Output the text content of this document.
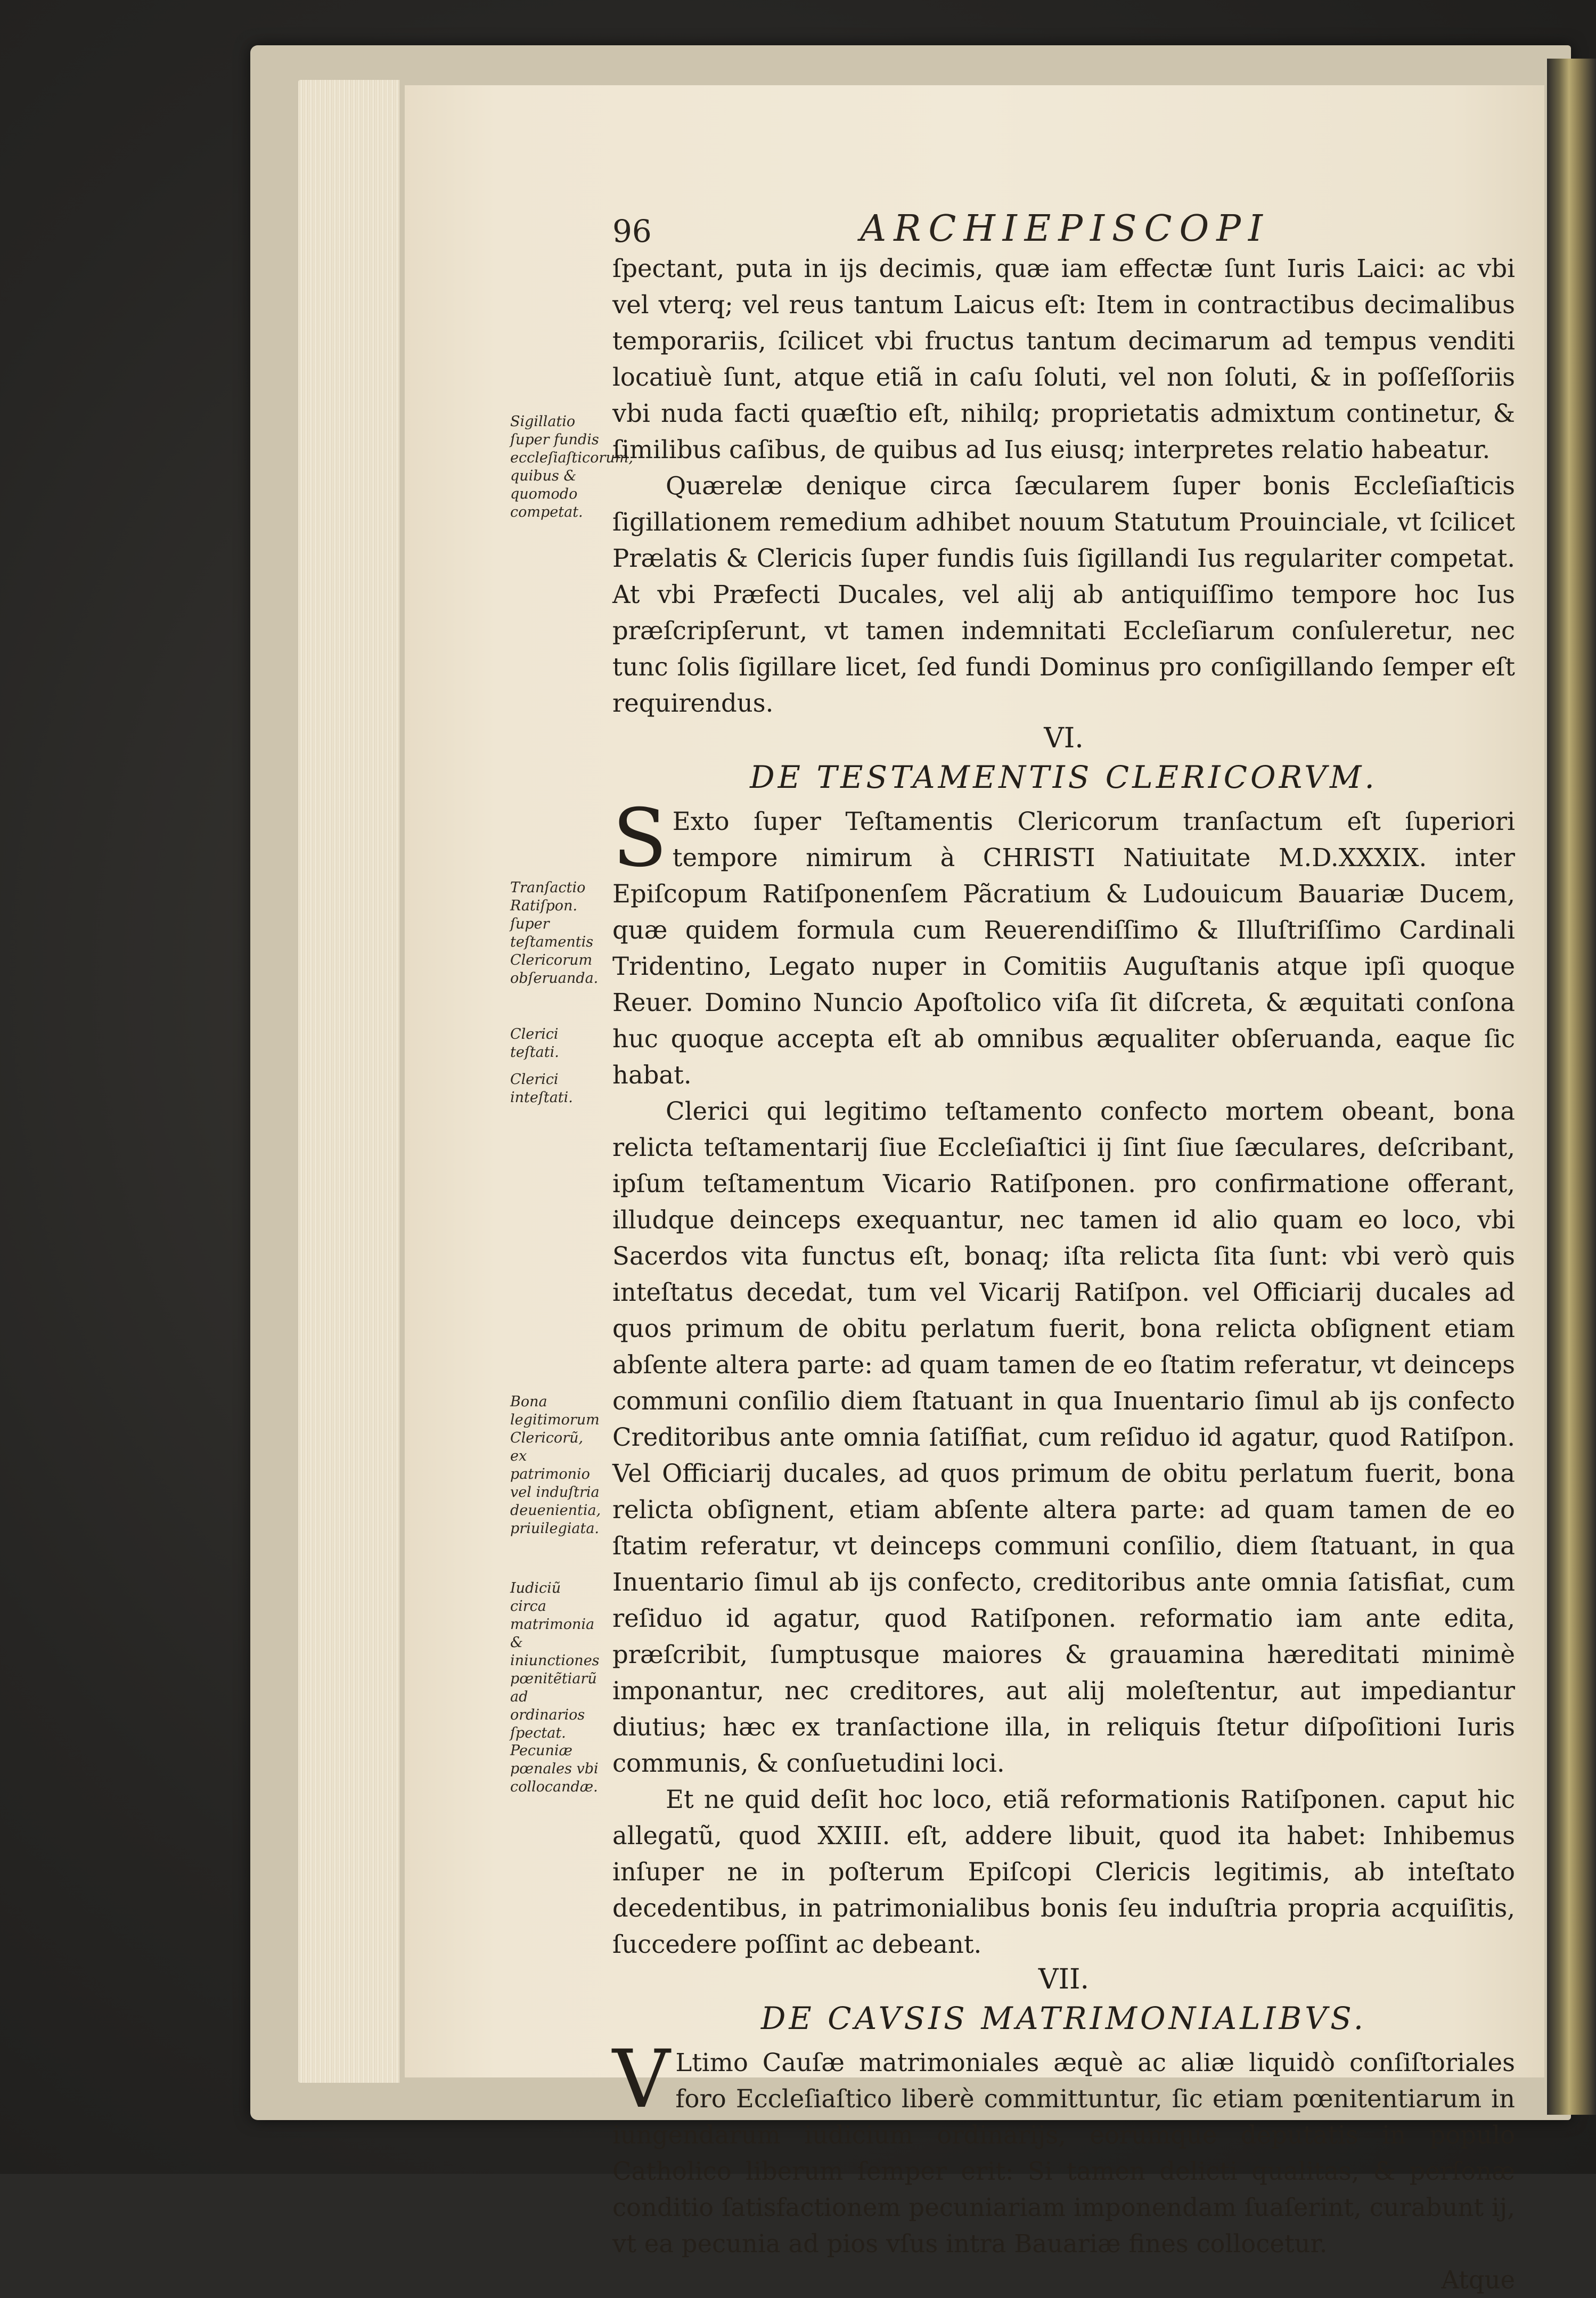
96	ARCHIEPISCOPI
Sigillatio ſuper fundis eccleſiaſticorum, quibus & quomodo competat.
Tranſactio Ratiſpon. ſuper teſtamentis Clericorum obſeruanda.
Clerici teſtati.
Clerici inteſtati.
Bona legitimorum Clericorũ, ex patrimonio vel induſtria deuenientia, priuilegiata.
Iudiciũ circa matrimonia & iniunctiones pœnitẽtiarũ ad ordinarios ſpectat.
Pecuniæ pœnales vbi collocandæ.

ſpectant, puta in ijs decimis, quæ iam effectæ ſunt Iuris Laici: ac vbi vel vterq; vel reus tantum Laicus eſt: Item in contractibus decimalibus temporariis, ſcilicet vbi fructus tantum decimarum ad tempus venditi locatiuè ſunt, atque etiã in caſu ſoluti, vel non ſoluti, & in poſſeſſoriis vbi nuda facti quæſtio eſt, nihilq; proprietatis admixtum continetur, & ſimilibus caſibus, de quibus ad Ius eiusq; interpretes relatio habeatur.

Quærelæ denique circa ſæcularem ſuper bonis Eccleſiaſticis ſigillationem remedium adhibet nouum Statutum Prouinciale, vt ſcilicet Prælatis & Clericis ſuper fundis ſuis ſigillandi Ius regulariter competat. At vbi Præfecti Ducales, vel alij ab antiquiſſimo tempore hoc Ius præſcripſerunt, vt tamen indemnitati Eccleſiarum conſuleretur, nec tunc ſolis ſigillare licet, ſed fundi Dominus pro conſigillando ſemper eſt requirendus.

VI.

DE TESTAMENTIS CLERICORVM.

S Exto ſuper Teſtamentis Clericorum tranſactum eſt ſuperiori tempore nimirum à CHRISTI Natiuitate M.D.XXXIX. inter Epiſcopum Ratiſponenſem Pãcratium & Ludouicum Bauariæ Ducem, quæ quidem formula cum Reuerendiſſimo & Illuſtriſſimo Cardinali Tridentino, Legato nuper in Comitiis Auguſtanis atque ipſi quoque Reuer. Domino Nuncio Apoſtolico viſa ſit diſcreta, & æquitati conſona huc quoque accepta eſt ab omnibus æqualiter obſeruanda, eaque ſic habat.

Clerici qui legitimo teſtamento confecto mortem obeant, bona relicta teſtamentarij ſiue Eccleſiaſtici ij ſint ſiue ſæculares, deſcribant, ipſum teſtamentum Vicario Ratiſponen. pro confirmatione offerant, illudque deinceps exequantur, nec tamen id alio quam eo loco, vbi Sacerdos vita functus eſt, bonaq; iſta relicta ſita ſunt: vbi verò quis inteſtatus decedat, tum vel Vicarij Ratiſpon. vel Officiarij ducales ad quos primum de obitu perlatum fuerit, bona relicta obſignent etiam abſente altera parte: ad quam tamen de eo ſtatim referatur, vt deinceps communi conſilio diem ſtatuant in qua Inuentario ſimul ab ijs confecto Creditoribus ante omnia ſatiſfiat, cum reſiduo id agatur, quod Ratiſpon. Vel Officiarij ducales, ad quos primum de obitu perlatum fuerit, bona relicta obſignent, etiam abſente altera parte: ad quam tamen de eo ſtatim referatur, vt deinceps communi conſilio, diem ſtatuant, in qua Inuentario ſimul ab ijs confecto, creditoribus ante omnia ſatisfiat, cum reſiduo id agatur, quod Ratiſponen. reformatio iam ante edita, præſcribit, ſumptusque maiores & grauamina hæreditati minimè imponantur, nec creditores, aut alij moleſtentur, aut impediantur diutius; hæc ex tranſactione illa, in reliquis ſtetur diſpoſitioni Iuris communis, & conſuetudini loci.

Et ne quid deſit hoc loco, etiã reformationis Ratiſponen. caput hic allegatũ, quod XXIII. eſt, addere libuit, quod ita habet: Inhibemus inſuper ne in poſterum Epiſcopi Clericis legitimis, ab inteſtato decedentibus, in patrimonialibus bonis ſeu induſtria propria acquiſitis, ſuccedere poſſint ac debeant.

VII.

DE CAVSIS MATRIMONIALIBVS.

V Ltimo Cauſæ matrimoniales æquè ac aliæ liquidò conſiſtoriales foro Eccleſiaſtico liberè committuntur, ſic etiam pœnitentiarum in iungendarum iudicium ordinarijs, eorumque deputatis in populo Catholico liberum ſemper erit: Si tamen delicti qualitas, & perſonæ conditio ſatisfactionem pecuniariam imponendam ſuaſerint, curabunt ij, vt ea pecunia ad pios vſus intra Bauariæ fines collocetur.

Atque
